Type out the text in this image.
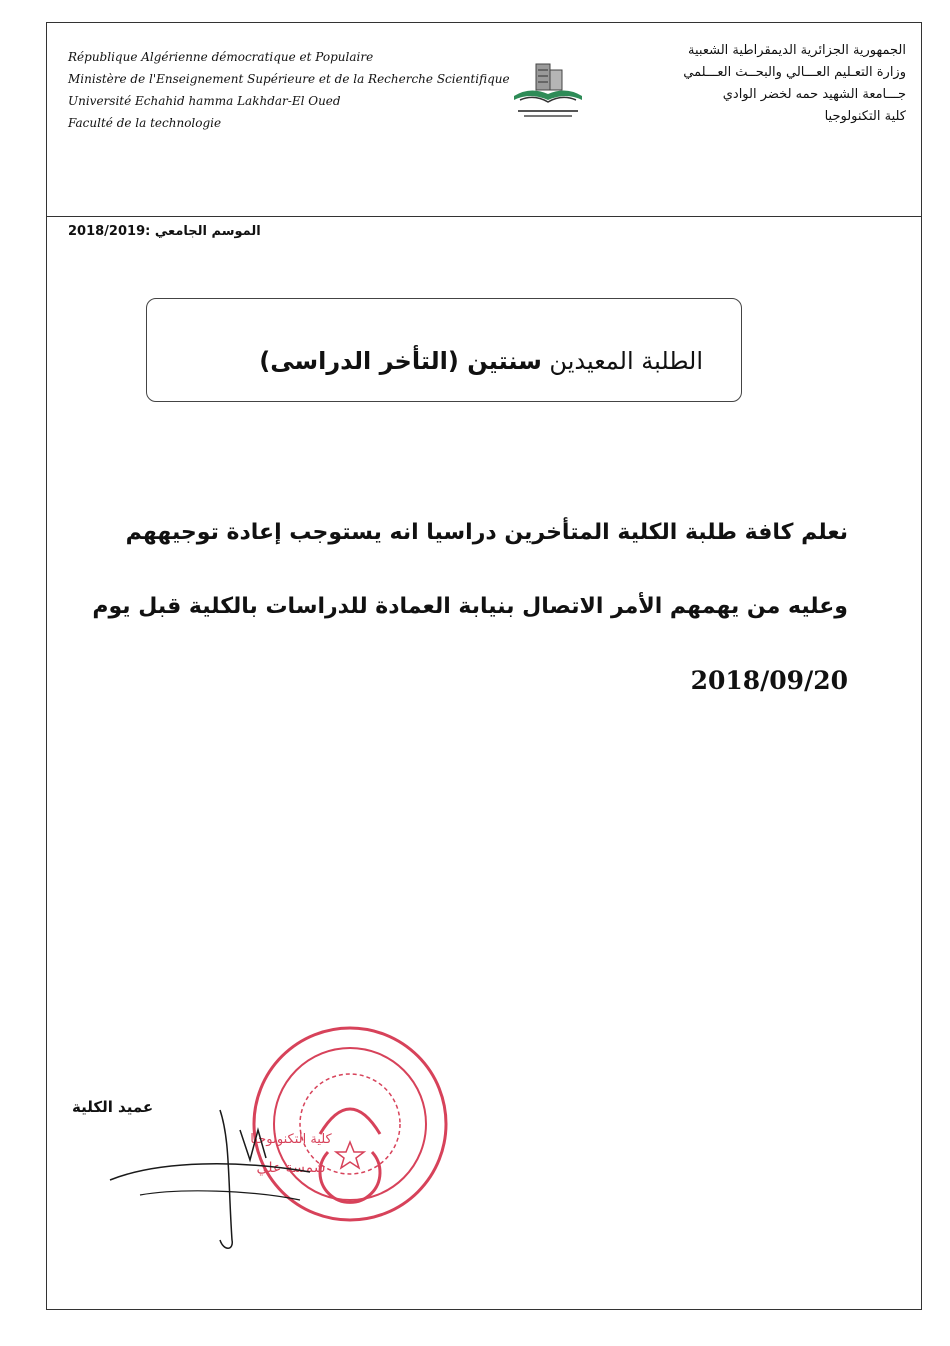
République Algérienne démocratique et Populaire
Ministère de l'Enseignement Supérieure et de la Recherche Scientifique
Université Echahid hamma Lakhdar-El Oued
Faculté de la technologie
الجمهورية الجزائرية الديمقراطية الشعبية
وزارة التعـليم العـــالي والبحــث العـــلمي
جـــامعة الشهيد حمه لخضر الوادي
كلية التكنولوجيا
الموسم الجامعي :2018/2019
الطلبة المعيدين سنتين (التأخر الدراسى)
نعلم كافة طلبة الكلية المتأخرين دراسيا انه يستوجب إعادة توجيههم
وعليه من يهمهم الأمر الاتصال بنيابة العمادة للدراسات بالكلية قبل يوم
2018/09/20
عميد الكلية
كلية التكنولوجيا
شمسة علي
